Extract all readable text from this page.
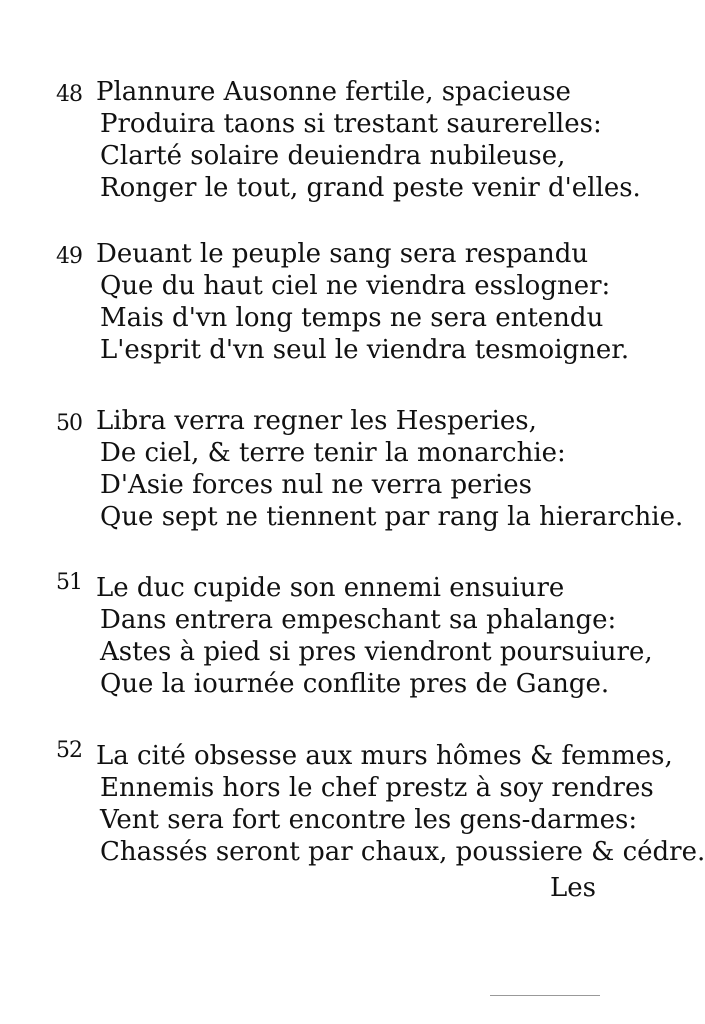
48 Plannure Ausonne fertile, spacieuse
Produira taons si trestant saurerelles:
Clarté solaire deuiendra nubileuse,
Ronger le tout, grand peste venir d'elles.
49 Deuant le peuple sang sera respandu
Que du haut ciel ne viendra esslogner:
Mais d'vn long temps ne sera entendu
L'esprit d'vn seul le viendra tesmoigner.
50 Libra verra regner les Hesperies,
De ciel, & terre tenir la monarchie:
D'Asie forces nul ne verra peries
Que sept ne tiennent par rang la hierarchie.
51 Le duc cupide son ennemi ensuiure
Dans entrera empeschant sa phalange:
Astes à pied si pres viendront poursuiure,
Que la iournée conflite pres de Gange.
52 La cité obsesse aux murs hômes & femmes,
Ennemis hors le chef prestz à soy rendres
Vent sera fort encontre les gens-darmes:
Chassés seront par chaux, poussiere & cédre.
Les
